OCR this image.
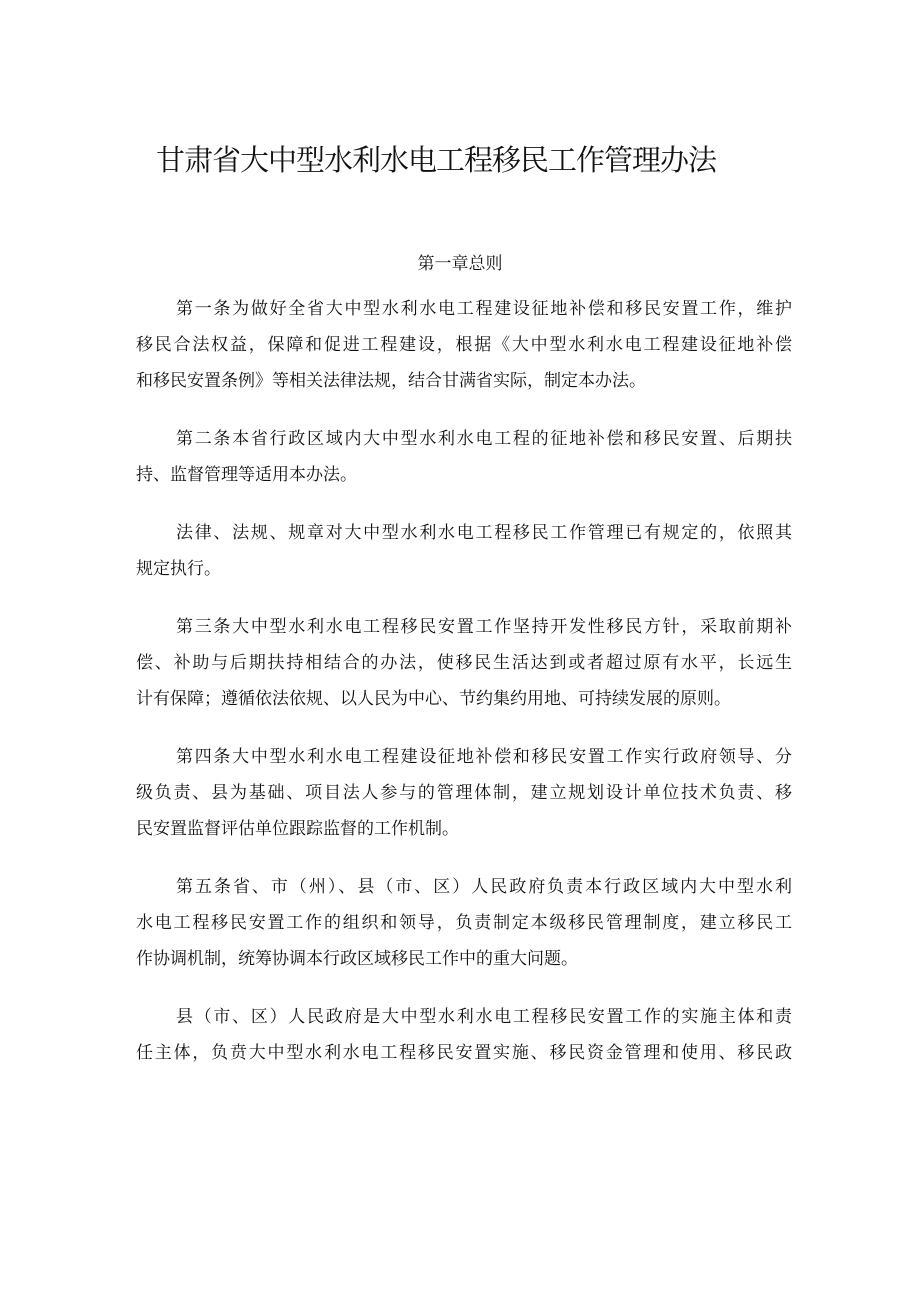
甘肃省大中型水利水电工程移民工作管理办法
第一章总则
第一条为做好全省大中型水利水电工程建设征地补偿和移民安置工作，维护
移民合法权益，保障和促进工程建设，根据《大中型水利水电工程建设征地补偿
和移民安置条例》等相关法律法规，结合甘满省实际，制定本办法。
第二条本省行政区域内大中型水利水电工程的征地补偿和移民安置、后期扶
持、监督管理等适用本办法。
法律、法规、规章对大中型水利水电工程移民工作管理已有规定的，依照其
规定执行。
第三条大中型水利水电工程移民安置工作坚持开发性移民方针，采取前期补
偿、补助与后期扶持相结合的办法，使移民生活达到或者超过原有水平，长远生
计有保障；遵循依法依规、以人民为中心、节约集约用地、可持续发展的原则。
第四条大中型水利水电工程建设征地补偿和移民安置工作实行政府领导、分
级负责、县为基础、项目法人参与的管理体制，建立规划设计单位技术负责、移
民安置监督评估单位跟踪监督的工作机制。
第五条省、市（州）、县（市、区）人民政府负责本行政区域内大中型水利
水电工程移民安置工作的组织和领导，负责制定本级移民管理制度，建立移民工
作协调机制，统筹协调本行政区域移民工作中的重大问题。
县（市、区）人民政府是大中型水利水电工程移民安置工作的实施主体和责
任主体，负贲大中型水利水电工程移民安置实施、移民资金管理和使用、移民政
